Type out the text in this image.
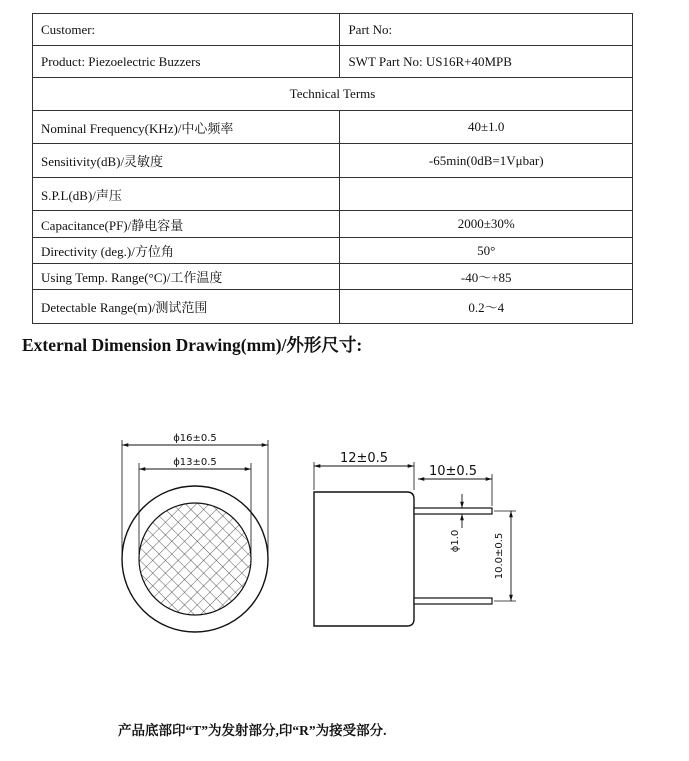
Customer:	Part No:
Product: Piezoelectric Buzzers	SWT Part No: US16R+40MPB
Technical Terms	
Nominal Frequency(KHz)/中心频率	40±1.0
Sensitivity(dB)/灵敏度	-65min(0dB=1Vμbar)
S.P.L(dB)/声压	
Capacitance(PF)/静电容量	2000±30%
Directivity (deg.)/方位角	50°
Using Temp. Range(°C)/工作温度	-40～+85
Detectable Range(m)/测试范围	0.2～4
External Dimension Drawing(mm)/外形尺寸:
ϕ16±0.5
ϕ13±0.5	12±0.5
10±0.5
ϕ1.0	10.0±0.5
产品底部印“T”为发射部分,印“R”为接受部分.
